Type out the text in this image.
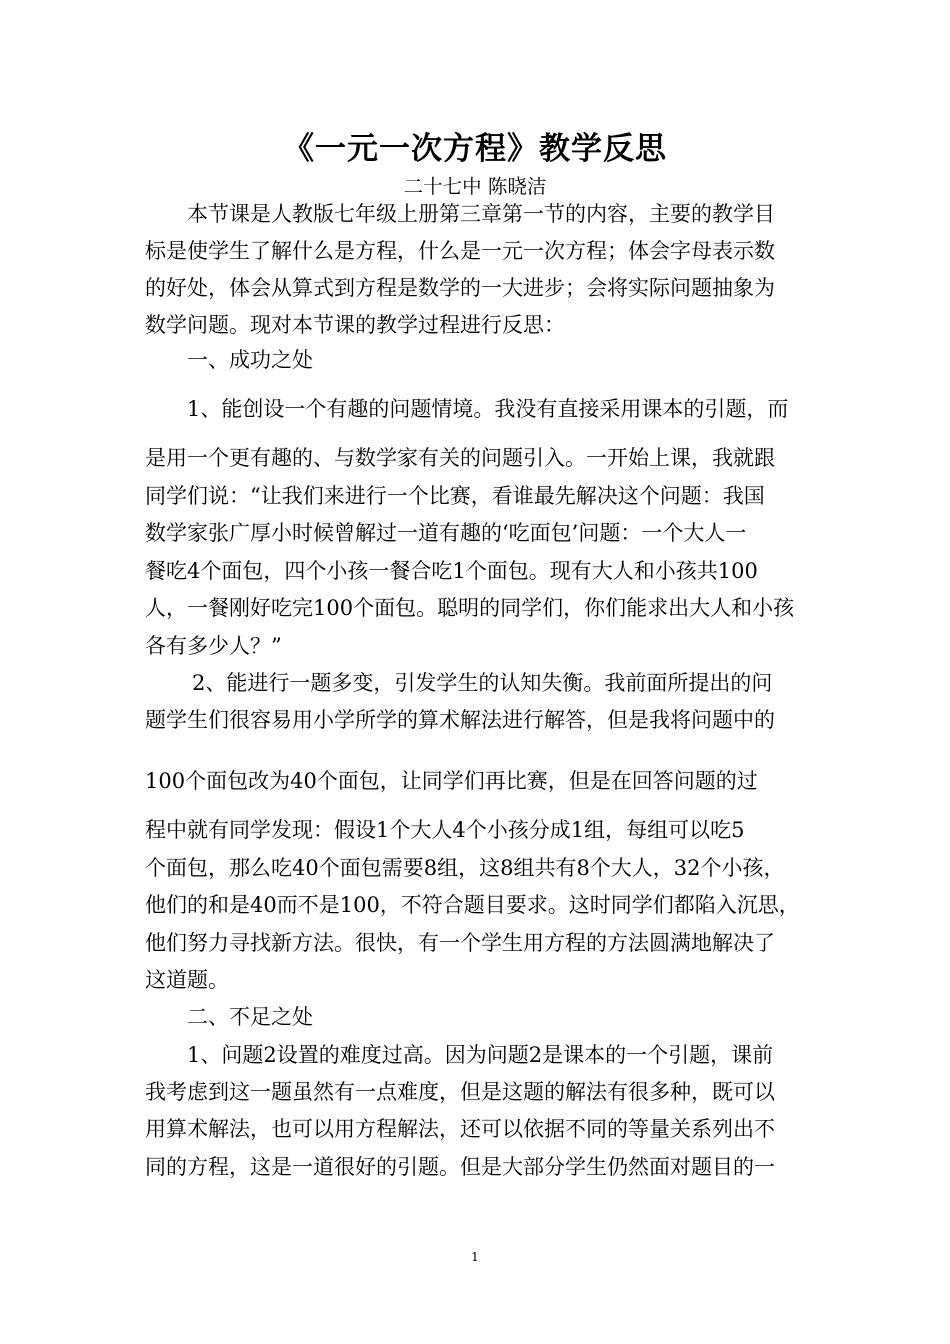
《一元一次方程》教学反思
二十七中 陈晓洁
本节课是人教版七年级上册第三章第一节的内容，主要的教学目
标是使学生了解什么是方程，什么是一元一次方程；体会字母表示数
的好处，体会从算式到方程是数学的一大进步；会将实际问题抽象为
数学问题。现对本节课的教学过程进行反思：
一、成功之处
1、能创设一个有趣的问题情境。我没有直接采用课本的引题，而
是用一个更有趣的、与数学家有关的问题引入。一开始上课，我就跟
同学们说：“让我们来进行一个比赛，看谁最先解决这个问题：我国
数学家张广厚小时候曾解过一道有趣的‘吃面包’问题：一个大人一
餐吃4个面包，四个小孩一餐合吃1个面包。现有大人和小孩共100
人，一餐刚好吃完100个面包。聪明的同学们，你们能求出大人和小孩
各有多少人？”
2、能进行一题多变，引发学生的认知失衡。我前面所提出的问
题学生们很容易用小学所学的算术解法进行解答，但是我将问题中的
100个面包改为40个面包，让同学们再比赛，但是在回答问题的过
程中就有同学发现：假设1个大人4个小孩分成1组，每组可以吃5
个面包，那么吃40个面包需要8组，这8组共有8个大人，32个小孩，
他们的和是40而不是100，不符合题目要求。这时同学们都陷入沉思，
他们努力寻找新方法。很快，有一个学生用方程的方法圆满地解决了
这道题。
二、不足之处
1、问题2设置的难度过高。因为问题2是课本的一个引题，课前
我考虑到这一题虽然有一点难度，但是这题的解法有很多种，既可以
用算术解法，也可以用方程解法，还可以依据不同的等量关系列出不
同的方程，这是一道很好的引题。但是大部分学生仍然面对题目的一
1
